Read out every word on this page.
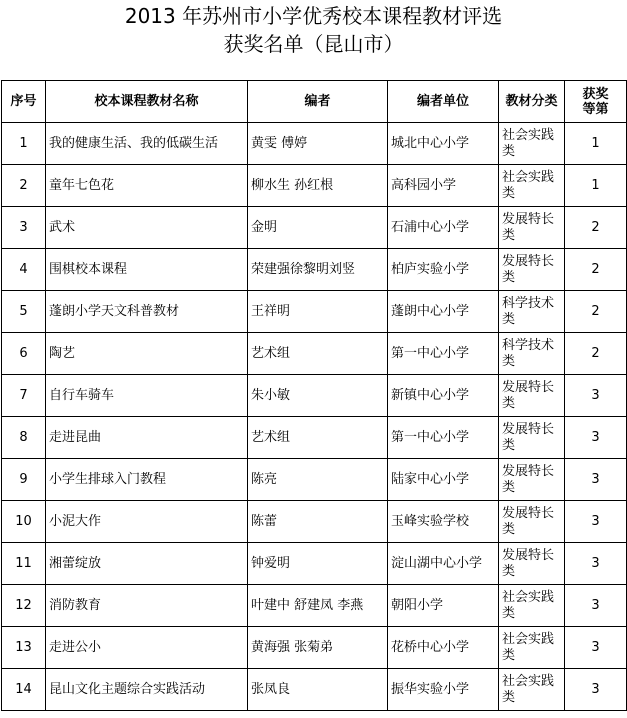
2013 年苏州市小学优秀校本课程教材评选
获奖名单（昆山市）
序号	校本课程教材名称	编者	编者单位	教材分类	获奖等第
1	我的健康生活、我的低碳生活	黄雯 傅婷	城北中心小学	社会实践类	1
2	童年七色花	柳水生 孙红根	高科园小学	社会实践类	1
3	武术	金明	石浦中心小学	发展特长类	2
4	围棋校本课程	荣建强徐黎明刘竖	柏庐实验小学	发展特长类	2
5	蓬朗小学天文科普教材	王祥明	蓬朗中心小学	科学技术类	2
6	陶艺	艺术组	第一中心小学	科学技术类	2
7	自行车骑车	朱小敏	新镇中心小学	发展特长类	3
8	走进昆曲	艺术组	第一中心小学	发展特长类	3
9	小学生排球入门教程	陈亮	陆家中心小学	发展特长类	3
10	小泥大作	陈蕾	玉峰实验学校	发展特长类	3
11	湘蕾绽放	钟爱明	淀山湖中心小学	发展特长类	3
12	消防教育	叶建中 舒建凤 李燕	朝阳小学	社会实践类	3
13	走进公小	黄海强 张菊弟	花桥中心小学	社会实践类	3
14	昆山文化主题综合实践活动	张凤良	振华实验小学	社会实践类	3
